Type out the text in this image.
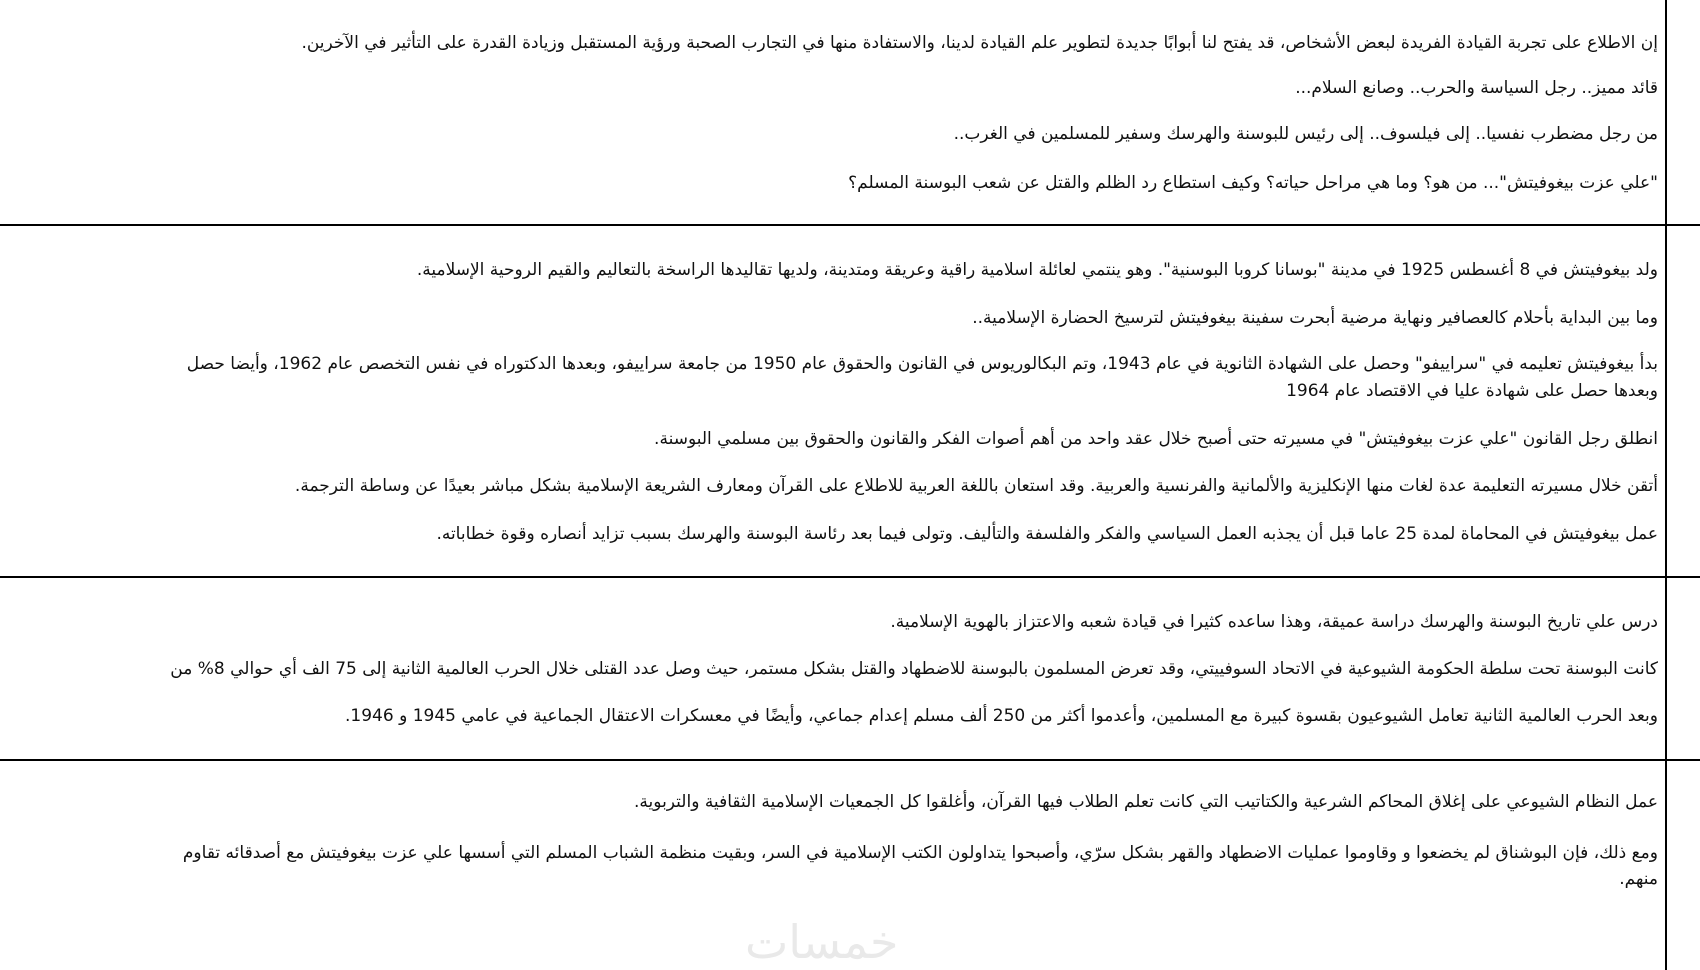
إن الاطلاع على تجربة القيادة الفريدة لبعض الأشخاص، قد يفتح لنا أبوابًا جديدة لتطوير علم القيادة لدينا، والاستفادة منها في التجارب الصحبة ورؤية المستقبل وزيادة القدرة على التأثير في الآخرين.
قائد مميز.. رجل السياسة والحرب.. وصانع السلام...
من رجل مضطرب نفسيا.. إلى فيلسوف.. إلى رئيس للبوسنة والهرسك وسفير للمسلمين في الغرب..
"علي عزت بيغوفيتش"... من هو؟ وما هي مراحل حياته؟ وكيف استطاع رد الظلم والقتل عن شعب البوسنة المسلم؟
ولد بيغوفيتش في 8 أغسطس 1925 في مدينة "بوسانا كروبا البوسنية". وهو ينتمي لعائلة اسلامية راقية وعريقة ومتدينة، ولديها تقاليدها الراسخة بالتعاليم والقيم الروحية الإسلامية.
وما بين البداية بأحلام كالعصافير ونهاية مرضية أبحرت سفينة بيغوفيتش لترسيخ الحضارة الإسلامية..
بدأ بيغوفيتش تعليمه في "سراييفو" وحصل على الشهادة الثانوية في عام 1943، وتم البكالوريوس في القانون والحقوق عام 1950 من جامعة سراييفو، وبعدها الدكتوراه في نفس التخصص عام 1962، وأيضا حصل
وبعدها حصل على شهادة عليا في الاقتصاد عام 1964
انطلق رجل القانون "علي عزت بيغوفيتش" في مسيرته حتى أصبح خلال عقد واحد من أهم أصوات الفكر والقانون والحقوق بين مسلمي البوسنة.
أتقن خلال مسيرته التعليمة عدة لغات منها الإنكليزية والألمانية والفرنسية والعربية. وقد استعان باللغة العربية للاطلاع على القرآن ومعارف الشريعة الإسلامية بشكل مباشر بعيدًا عن وساطة الترجمة.
عمل بيغوفيتش في المحاماة لمدة 25 عاما قبل أن يجذبه العمل السياسي والفكر والفلسفة والتأليف. وتولى فيما بعد رئاسة البوسنة والهرسك بسبب تزايد أنصاره وقوة خطاباته.
درس علي تاريخ البوسنة والهرسك دراسة عميقة، وهذا ساعده كثيرا في قيادة شعبه والاعتزاز بالهوية الإسلامية.
كانت البوسنة تحت سلطة الحكومة الشيوعية في الاتحاد السوفييتي، وقد تعرض المسلمون بالبوسنة للاضطهاد والقتل بشكل مستمر، حيث وصل عدد القتلى خلال الحرب العالمية الثانية إلى 75 الف أي حوالي 8% من
وبعد الحرب العالمية الثانية تعامل الشيوعيون بقسوة كبيرة مع المسلمين، وأعدموا أكثر من 250 ألف مسلم إعدام جماعي، وأيضًا في معسكرات الاعتقال الجماعية في عامي 1945 و 1946.
عمل النظام الشيوعي على إغلاق المحاكم الشرعية والكتاتيب التي كانت تعلم الطلاب فيها القرآن، وأغلقوا كل الجمعيات الإسلامية الثقافية والتربوية.
ومع ذلك، فإن البوشناق لم يخضعوا و وقاوموا عمليات الاضطهاد والقهر بشكل سرّي، وأصبحوا يتداولون الكتب الإسلامية في السر، وبقيت منظمة الشباب المسلم التي أسسها علي عزت بيغوفيتش مع أصدقائه تقاوم
منهم.
خمسات
